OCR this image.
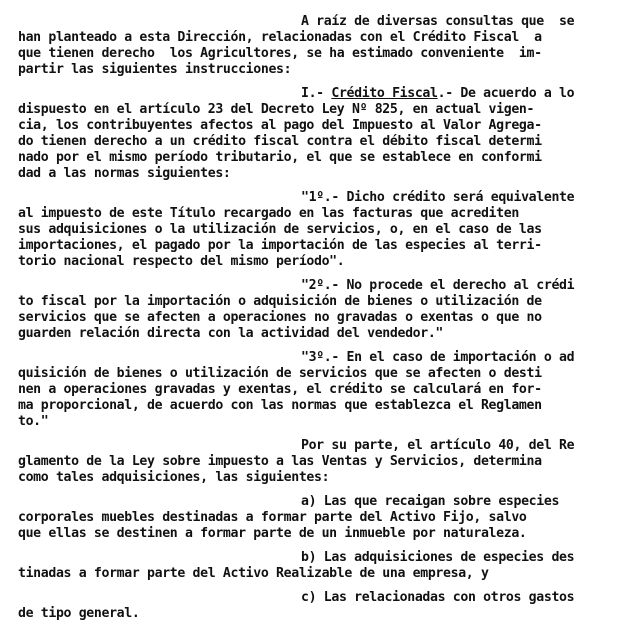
A raíz de diversas consultas que  se
han planteado a esta Dirección, relacionadas con el Crédito Fiscal  a
que tienen derecho  los Agricultores, se ha estimado conveniente  im-
partir las siguientes instrucciones:
I.- Crédito Fiscal.- De acuerdo a lo
dispuesto en el artículo 23 del Decreto Ley Nº 825, en actual vigen-
cia, los contribuyentes afectos al pago del Impuesto al Valor Agrega-
do tienen derecho a un crédito fiscal contra el débito fiscal determi
nado por el mismo período tributario, el que se establece en conformi
dad a las normas siguientes:
"1º.- Dicho crédito será equivalente
al impuesto de este Título recargado en las facturas que acrediten
sus adquisiciones o la utilización de servicios, o, en el caso de las
importaciones, el pagado por la importación de las especies al terri-
torio nacional respecto del mismo período".
"2º.- No procede el derecho al crédi
to fiscal por la importación o adquisición de bienes o utilización de
servicios que se afecten a operaciones no gravadas o exentas o que no
guarden relación directa con la actividad del vendedor."
"3º.- En el caso de importación o ad
quisición de bienes o utilización de servicios que se afecten o desti
nen a operaciones gravadas y exentas, el crédito se calculará en for-
ma proporcional, de acuerdo con las normas que establezca el Reglamen
to."
Por su parte, el artículo 40, del Re
glamento de la Ley sobre impuesto a las Ventas y Servicios, determina
como tales adquisiciones, las siguientes:
a) Las que recaigan sobre especies
corporales muebles destinadas a formar parte del Activo Fijo, salvo
que ellas se destinen a formar parte de un inmueble por naturaleza.
b) Las adquisiciones de especies des
tinadas a formar parte del Activo Realizable de una empresa, y
c) Las relacionadas con otros gastos
de tipo general.
